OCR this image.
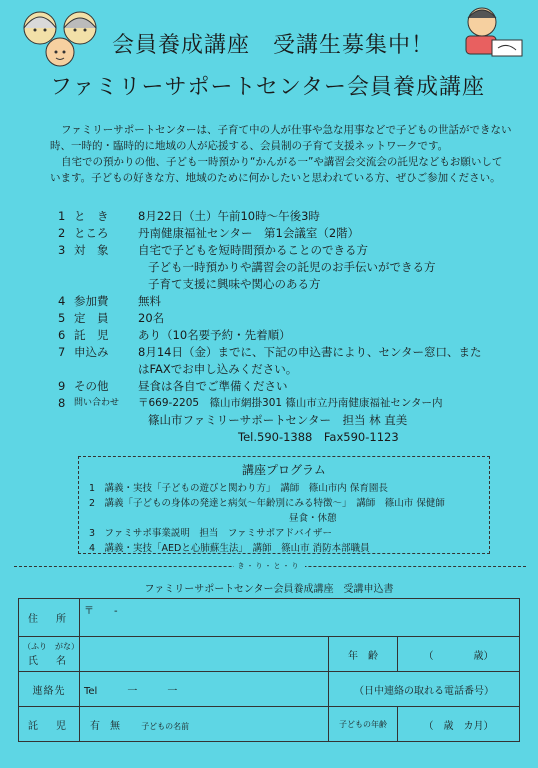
会員養成講座　受講生募集中！
ファミリーサポートセンター会員養成講座

ファミリーサポートセンターは、子育て中の人が仕事や急な用事などで子どもの世話ができない

時、一時的・臨時的に地域の人が応援する、会員制の子育て支援ネットワークです。

自宅での預かりの他、子ども一時預かり“かんがる一”や講習会交流会の託児などもお願いして

います。子どもの好きな方、地域のために何かしたいと思われている方、ぜひご参加ください。

1 と　き	8月22日（土）午前10時～午後3時
2 ところ	丹南健康福祉センター　第1会議室（2階）
3 対　象	自宅で子どもを短時間預かることのできる方
子ども一時預かりや講習会の託児のお手伝いができる方
子育て支援に興味や関心のある方
4 参加費	無料
5 定　員	20名
6 託　児	あり（10名要予約・先着順）
7 申込み	8月14日（金）までに、下記の申込書により、センター窓口、また
はFAXでお申し込みください。
9 その他	昼食は各自でご準備ください
8 問い合わせ	〒669-2205　篠山市網掛301 篠山市立丹南健康福祉センター内
篠山市ファミリーサポートセンター　担当 林 直美
Tel.590-1388　Fax590-1123
講座プログラム
1　講義・実技「子どもの遊びと関わり方」　講師　篠山市内 保育園長
2　講義「子どもの身体の発達と病気～年齢別にみる特徴～」　講師　篠山市 保健師
昼食・休憩
3　ファミサポ事業説明　担当　ファミサポアドバイザー
4　講義・実技「AEDと心肺蘇生法」　講師　篠山市 消防本部職員
き・り・と・り
ファミリーサポートセンター会員養成講座　受講申込書
住　所	〒　　-		

（ふり　がな）
氏　名		年　齢	（　　　　歳）
連絡先	Tel　　　一　　　一	（日中連絡の取れる電話番号）	
託　児	有　無 子どもの名前	子どもの年齢	（　歳　カ月）
